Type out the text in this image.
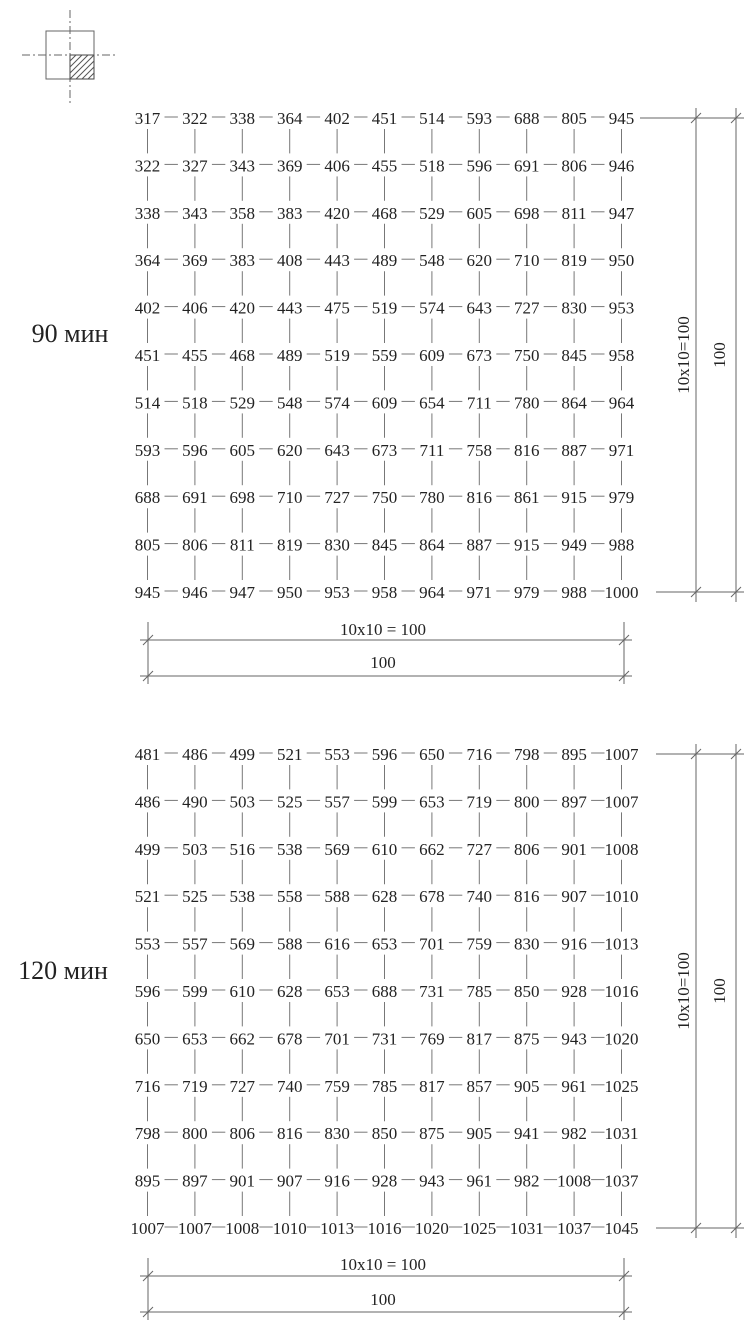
90 мин
317 322 338 364 402 451 514 593 688 805 945
322 327 343 369 406 455 518 596 691 806 946
338 343 358 383 420 468 529 605 698 811 947
364 369 383 408 443 489 548 620 710 819 950
402 406 420 443 475 519 574 643 727 830 953
451 455 468 489 519 559 609 673 750 845 958
514 518 529 548 574 609 654 711 780 864 964
593 596 605 620 643 673 711 758 816 887 971
688 691 698 710 727 750 780 816 861 915 979
805 806 811 819 830 845 864 887 915 949 988
945 946 947 950 953 958 964 971 979 988 1000
10x10 = 100
100
10x10=100 100
120 мин
481 486 499 521 553 596 650 716 798 895 1007
486 490 503 525 557 599 653 719 800 897 1007
499 503 516 538 569 610 662 727 806 901 1008
521 525 538 558 588 628 678 740 816 907 1010
553 557 569 588 616 653 701 759 830 916 1013
596 599 610 628 653 688 731 785 850 928 1016
650 653 662 678 701 731 769 817 875 943 1020
716 719 727 740 759 785 817 857 905 961 1025
798 800 806 816 830 850 875 905 941 982 1031
895 897 901 907 916 928 943 961 982 1008 1037
1007 1007 1008 1010 1013 1016 1020 1025 1031 1037 1045
10x10 = 100
100
10x10=100 100
